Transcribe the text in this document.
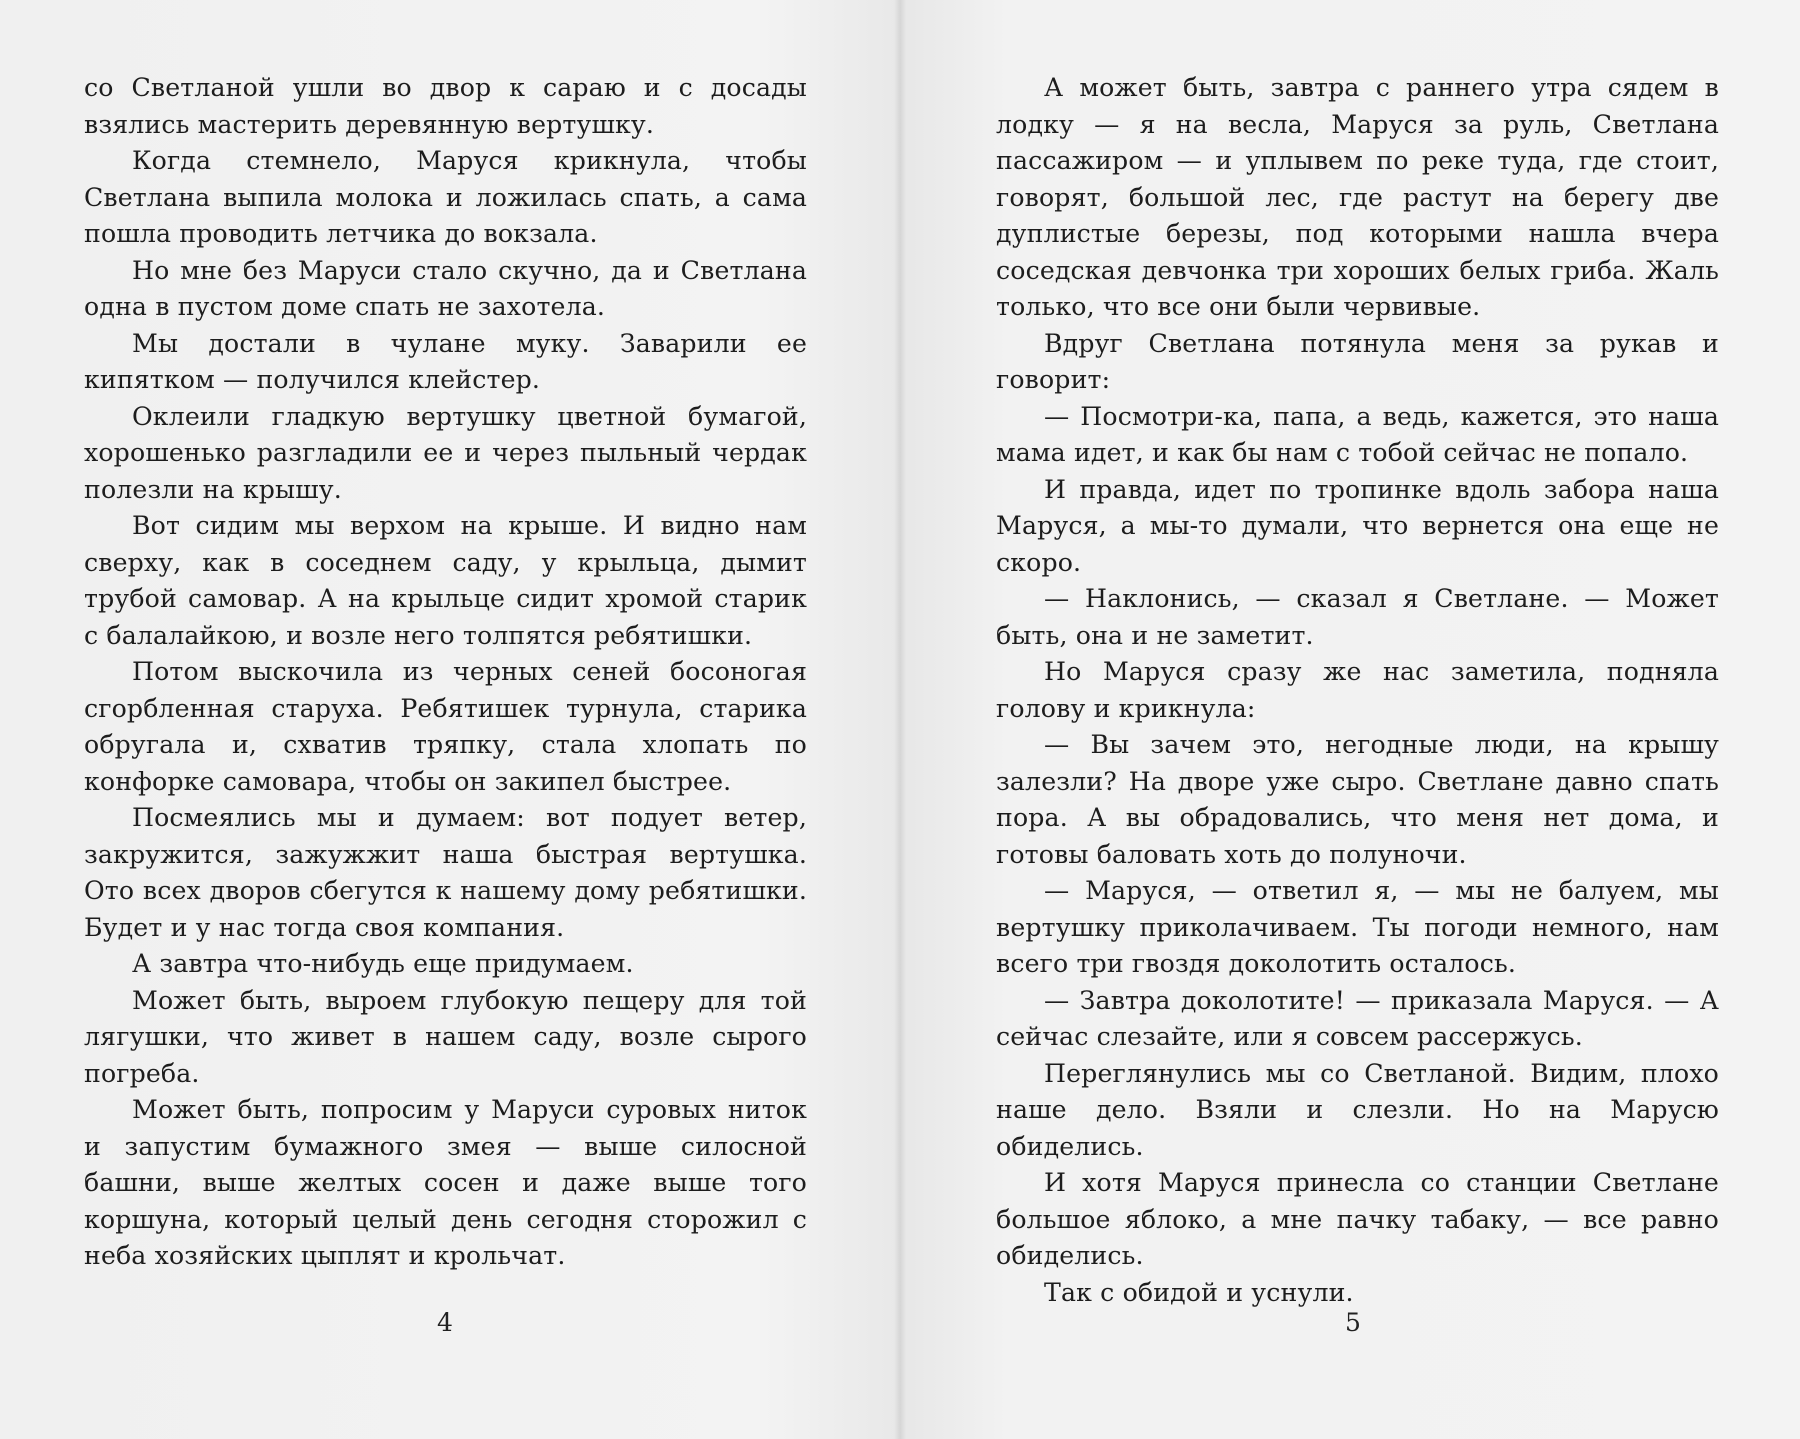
со Светланой ушли во двор к сараю и с досады взялись мастерить деревянную вертушку.

Когда стемнело, Маруся крикнула, чтобы Светлана выпила молока и ложилась спать, а сама пошла проводить летчика до вокзала.

Но мне без Маруси стало скучно, да и Светлана одна в пустом доме спать не захотела.

Мы достали в чулане муку. Заварили ее кипятком — получился клейстер.

Оклеили гладкую вертушку цветной бумагой, хорошенько разгладили ее и через пыльный чердак полезли на крышу.

Вот сидим мы верхом на крыше. И видно нам сверху, как в соседнем саду, у крыльца, дымит трубой самовар. А на крыльце сидит хромой старик с балалайкою, и возле него толпятся ребятишки.

Потом выскочила из черных сеней босоногая сгорбленная старуха. Ребятишек турнула, старика обругала и, схватив тряпку, стала хлопать по конфорке самовара, чтобы он закипел быстрее.

Посмеялись мы и думаем: вот подует ветер, закружится, зажужжит наша быстрая вертушка. Ото всех дворов сбегутся к нашему дому ребятишки. Будет и у нас тогда своя компания.

А завтра что-нибудь еще придумаем.

Может быть, выроем глубокую пещеру для той лягушки, что живет в нашем саду, возле сырого погреба.

Может быть, попросим у Маруси суровых ниток и запустим бумажного змея — выше силосной башни, выше желтых сосен и даже выше того коршуна, который целый день сегодня сторожил с неба хозяйских цыплят и крольчат.

4

А может быть, завтра с раннего утра сядем в лодку — я на весла, Маруся за руль, Светлана пассажиром — и уплывем по реке туда, где стоит, говорят, большой лес, где растут на берегу две дуплистые березы, под которыми нашла вчера соседская девчонка три хороших белых гриба. Жаль только, что все они были червивые.

Вдруг Светлана потянула меня за рукав и говорит:

— Посмотри-ка, папа, а ведь, кажется, это наша мама идет, и как бы нам с тобой сейчас не попало.

И правда, идет по тропинке вдоль забора наша Маруся, а мы-то думали, что вернется она еще не скоро.

— Наклонись, — сказал я Светлане. — Может быть, она и не заметит.

Но Маруся сразу же нас заметила, подняла голову и крикнула:

— Вы зачем это, негодные люди, на крышу залезли? На дворе уже сыро. Светлане давно спать пора. А вы обрадовались, что меня нет дома, и готовы баловать хоть до полуночи.

— Маруся, — ответил я, — мы не балуем, мы вертушку приколачиваем. Ты погоди немного, нам всего три гвоздя доколотить осталось.

— Завтра доколотите! — приказала Маруся. — А сейчас слезайте, или я совсем рассержусь.

Переглянулись мы со Светланой. Видим, плохо наше дело. Взяли и слезли. Но на Марусю обиделись.

И хотя Маруся принесла со станции Светлане большое яблоко, а мне пачку табаку, — все равно обиделись.

Так с обидой и уснули.

5
